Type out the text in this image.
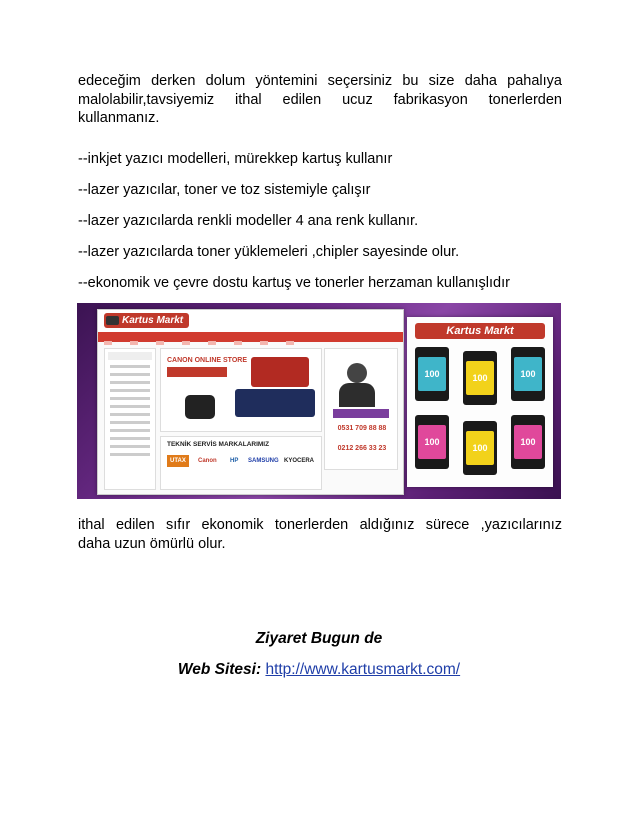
edeceğim derken dolum yöntemini seçersiniz bu size daha pahalıya
malolabilir,tavsiyemiz ithal edilen ucuz fabrikasyon tonerlerden
kullanmanız.
--inkjet yazıcı modelleri, mürekkep kartuş kullanır
--lazer yazıcılar, toner ve toz sistemiyle çalışır
--lazer yazıcılarda renkli modeller 4 ana renk kullanır.
--lazer yazıcılarda toner yüklemeleri ,chipler sayesinde olur.
--ekonomik ve çevre dostu kartuş ve tonerler herzaman kullanışlıdır
Kartus Markt
CANON ONLINE STORE
0531 709 88 88
0212 266 33 23
TEKNİK SERVİS MARKALARIMIZ
UTAX	Canon	HP	SAMSUNG KYOCERA
Kartus Markt
100	100	100
100
100
100
ithal edilen sıfır ekonomik tonerlerden aldığınız sürece ,yazıcılarınız
daha uzun ömürlü olur.
Ziyaret Bugun de
Web Sitesi: http://www.kartusmarkt.com/
